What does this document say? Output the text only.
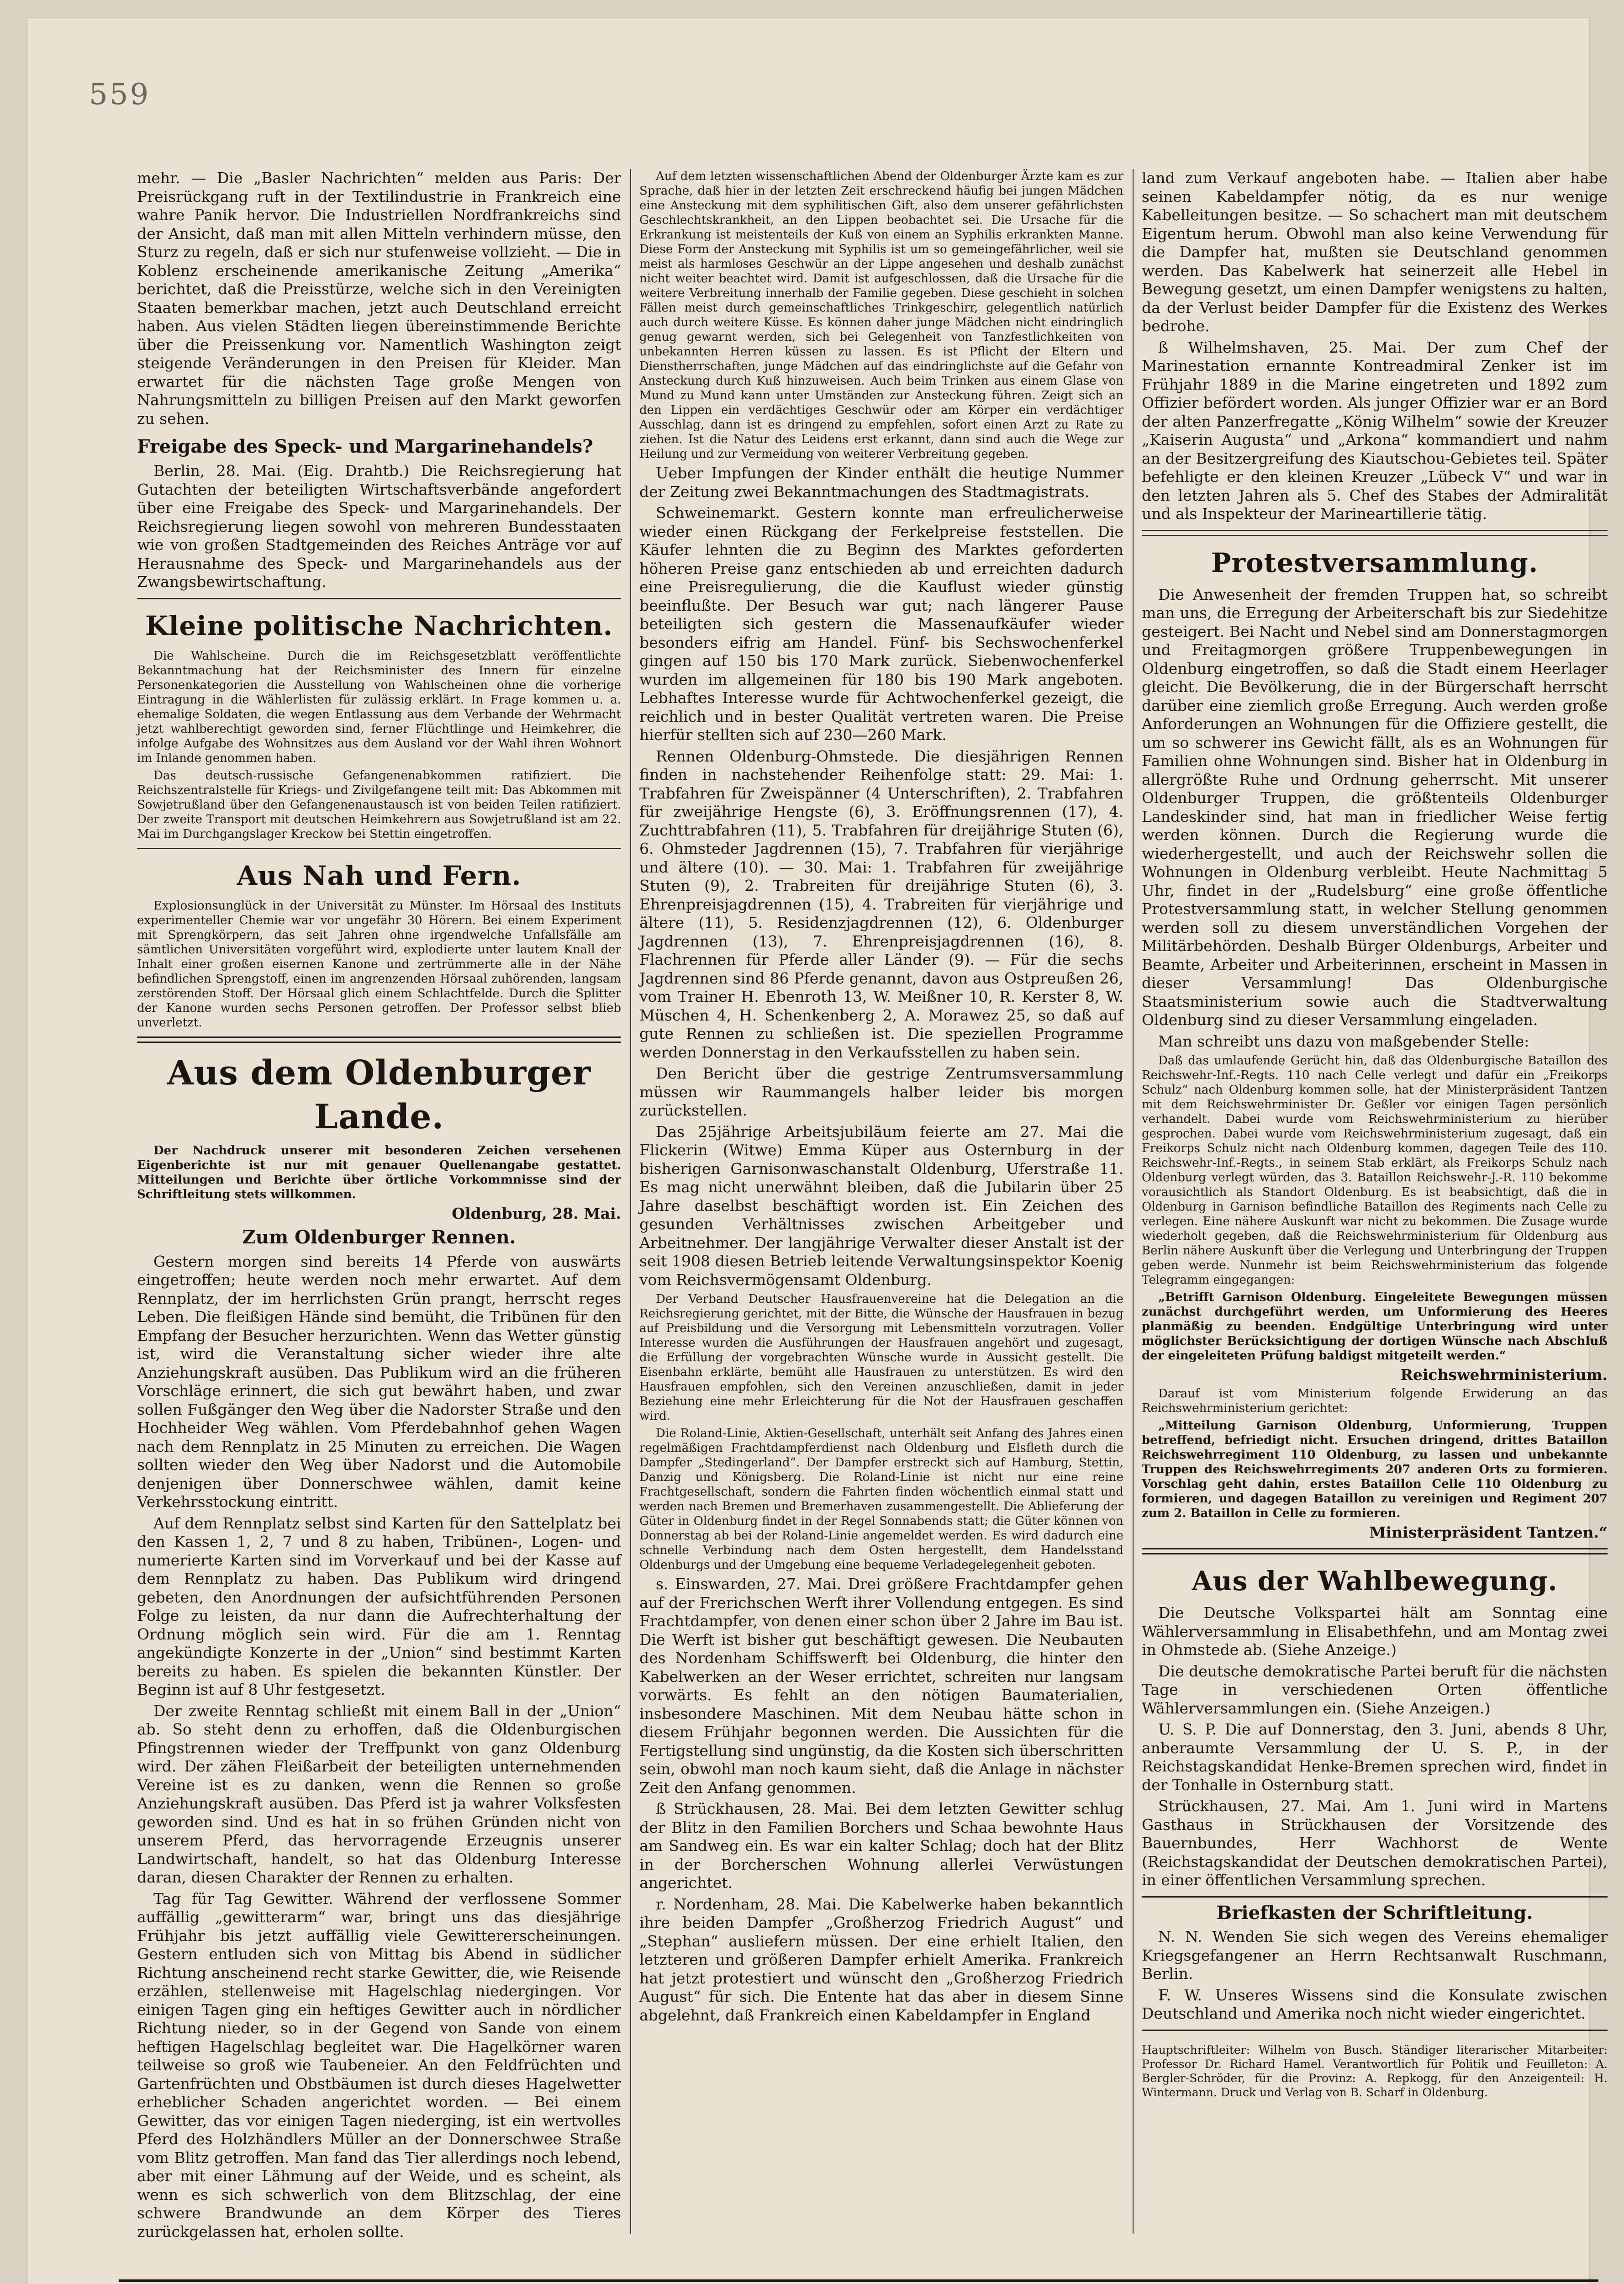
559

mehr. — Die „Basler Nachrichten“ melden aus Paris: Der Preisrückgang ruft in der Textilindustrie in Frankreich eine wahre Panik hervor. Die Industriellen Nordfrankreichs sind der Ansicht, daß man mit allen Mitteln verhindern müsse, den Sturz zu regeln, daß er sich nur stufenweise vollzieht. — Die in Koblenz erscheinende amerikanische Zeitung „Amerika“ berichtet, daß die Preisstürze, welche sich in den Vereinigten Staaten bemerkbar machen, jetzt auch Deutschland erreicht haben. Aus vielen Städten liegen übereinstimmende Berichte über die Preissenkung vor. Namentlich Washington zeigt steigende Veränderungen in den Preisen für Kleider. Man erwartet für die nächsten Tage große Mengen von Nahrungsmitteln zu billigen Preisen auf den Markt geworfen zu sehen.

Freigabe des Speck- und Margarinehandels?

Berlin, 28. Mai. (Eig. Drahtb.) Die Reichsregierung hat Gutachten der beteiligten Wirtschaftsverbände angefordert über eine Freigabe des Speck- und Margarinehandels. Der Reichsregierung liegen sowohl von mehreren Bundesstaaten wie von großen Stadtgemeinden des Reiches Anträge vor auf Herausnahme des Speck- und Margarinehandels aus der Zwangsbewirtschaftung.

Kleine politische Nachrichten.

Die Wahlscheine. Durch die im Reichsgesetzblatt veröffentlichte Bekanntmachung hat der Reichsminister des Innern für einzelne Personenkategorien die Ausstellung von Wahlscheinen ohne die vorherige Eintragung in die Wählerlisten für zulässig erklärt. In Frage kommen u. a. ehemalige Soldaten, die wegen Entlassung aus dem Verbande der Wehrmacht jetzt wahlberechtigt geworden sind, ferner Flüchtlinge und Heimkehrer, die infolge Aufgabe des Wohnsitzes aus dem Ausland vor der Wahl ihren Wohnort im Inlande genommen haben.

Das deutsch-russische Gefangenenabkommen ratifiziert. Die Reichszentralstelle für Kriegs- und Zivilgefangene teilt mit: Das Abkommen mit Sowjetrußland über den Gefangenenaustausch ist von beiden Teilen ratifiziert. Der zweite Transport mit deutschen Heimkehrern aus Sowjetrußland ist am 22. Mai im Durchgangslager Kreckow bei Stettin eingetroffen.

Aus Nah und Fern.

Explosionsunglück in der Universität zu Münster. Im Hörsaal des Instituts experimenteller Chemie war vor ungefähr 30 Hörern. Bei einem Experiment mit Sprengkörpern, das seit Jahren ohne irgendwelche Unfallsfälle am sämtlichen Universitäten vorgeführt wird, explodierte unter lautem Knall der Inhalt einer großen eisernen Kanone und zertrümmerte alle in der Nähe befindlichen Sprengstoff, einen im angrenzenden Hörsaal zuhörenden, langsam zerstörenden Stoff. Der Hörsaal glich einem Schlachtfelde. Durch die Splitter der Kanone wurden sechs Personen getroffen. Der Professor selbst blieb unverletzt.

Aus dem Oldenburger Lande.

Der Nachdruck unserer mit besonderen Zeichen versehenen Eigenberichte ist nur mit genauer Quellenangabe gestattet. Mitteilungen und Berichte über örtliche Vorkommnisse sind der Schriftleitung stets willkommen.

Oldenburg, 28. Mai.
Zum Oldenburger Rennen.

Gestern morgen sind bereits 14 Pferde von auswärts eingetroffen; heute werden noch mehr erwartet. Auf dem Rennplatz, der im herrlichsten Grün prangt, herrscht reges Leben. Die fleißigen Hände sind bemüht, die Tribünen für den Empfang der Besucher herzurichten. Wenn das Wetter günstig ist, wird die Veranstaltung sicher wieder ihre alte Anziehungskraft ausüben. Das Publikum wird an die früheren Vorschläge erinnert, die sich gut bewährt haben, und zwar sollen Fußgänger den Weg über die Nadorster Straße und den Hochheider Weg wählen. Vom Pferdebahnhof gehen Wagen nach dem Rennplatz in 25 Minuten zu erreichen. Die Wagen sollten wieder den Weg über Nadorst und die Automobile denjenigen über Donnerschwee wählen, damit keine Verkehrsstockung eintritt.

Auf dem Rennplatz selbst sind Karten für den Sattelplatz bei den Kassen 1, 2, 7 und 8 zu haben, Tribünen-, Logen- und numerierte Karten sind im Vorverkauf und bei der Kasse auf dem Rennplatz zu haben. Das Publikum wird dringend gebeten, den Anordnungen der aufsichtführenden Personen Folge zu leisten, da nur dann die Aufrechterhaltung der Ordnung möglich sein wird. Für die am 1. Renntag angekündigte Konzerte in der „Union“ sind bestimmt Karten bereits zu haben. Es spielen die bekannten Künstler. Der Beginn ist auf 8 Uhr festgesetzt.

Der zweite Renntag schließt mit einem Ball in der „Union“ ab. So steht denn zu erhoffen, daß die Oldenburgischen Pfingstrennen wieder der Treffpunkt von ganz Oldenburg wird. Der zähen Fleißarbeit der beteiligten unternehmenden Vereine ist es zu danken, wenn die Rennen so große Anziehungskraft ausüben. Das Pferd ist ja wahrer Volksfesten geworden sind. Und es hat in so frühen Gründen nicht von unserem Pferd, das hervorragende Erzeugnis unserer Landwirtschaft, handelt, so hat das Oldenburg Interesse daran, diesen Charakter der Rennen zu erhalten.

Tag für Tag Gewitter. Während der verflossene Sommer auffällig „gewitterarm“ war, bringt uns das diesjährige Frühjahr bis jetzt auffällig viele Gewittererscheinungen. Gestern entluden sich von Mittag bis Abend in südlicher Richtung anscheinend recht starke Gewitter, die, wie Reisende erzählen, stellenweise mit Hagelschlag niedergingen. Vor einigen Tagen ging ein heftiges Gewitter auch in nördlicher Richtung nieder, so in der Gegend von Sande von einem heftigen Hagelschlag begleitet war. Die Hagelkörner waren teilweise so groß wie Taubeneier. An den Feldfrüchten und Gartenfrüchten und Obstbäumen ist durch dieses Hagelwetter erheblicher Schaden angerichtet worden. — Bei einem Gewitter, das vor einigen Tagen niederging, ist ein wertvolles Pferd des Holzhändlers Müller an der Donnerschwee Straße vom Blitz getroffen. Man fand das Tier allerdings noch lebend, aber mit einer Lähmung auf der Weide, und es scheint, als wenn es sich schwerlich von dem Blitzschlag, der eine schwere Brandwunde an dem Körper des Tieres zurückgelassen hat, erholen sollte.

Auf dem letzten wissenschaftlichen Abend der Oldenburger Ärzte kam es zur Sprache, daß hier in der letzten Zeit erschreckend häufig bei jungen Mädchen eine Ansteckung mit dem syphilitischen Gift, also dem unserer gefährlichsten Geschlechtskrankheit, an den Lippen beobachtet sei. Die Ursache für die Erkrankung ist meistenteils der Kuß von einem an Syphilis erkrankten Manne. Diese Form der Ansteckung mit Syphilis ist um so gemeingefährlicher, weil sie meist als harmloses Geschwür an der Lippe angesehen und deshalb zunächst nicht weiter beachtet wird. Damit ist aufgeschlossen, daß die Ursache für die weitere Verbreitung innerhalb der Familie gegeben. Diese geschieht in solchen Fällen meist durch gemeinschaftliches Trinkgeschirr, gelegentlich natürlich auch durch weitere Küsse. Es können daher junge Mädchen nicht eindringlich genug gewarnt werden, sich bei Gelegenheit von Tanzfestlichkeiten von unbekannten Herren küssen zu lassen. Es ist Pflicht der Eltern und Dienstherrschaften, junge Mädchen auf das eindringlichste auf die Gefahr von Ansteckung durch Kuß hinzuweisen. Auch beim Trinken aus einem Glase von Mund zu Mund kann unter Umständen zur Ansteckung führen. Zeigt sich an den Lippen ein verdächtiges Geschwür oder am Körper ein verdächtiger Ausschlag, dann ist es dringend zu empfehlen, sofort einen Arzt zu Rate zu ziehen. Ist die Natur des Leidens erst erkannt, dann sind auch die Wege zur Heilung und zur Vermeidung von weiterer Verbreitung gegeben.

Ueber Impfungen der Kinder enthält die heutige Nummer der Zeitung zwei Bekanntmachungen des Stadtmagistrats.

Schweinemarkt. Gestern konnte man erfreulicherweise wieder einen Rückgang der Ferkelpreise feststellen. Die Käufer lehnten die zu Beginn des Marktes geforderten höheren Preise ganz entschieden ab und erreichten dadurch eine Preisregulierung, die die Kauflust wieder günstig beeinflußte. Der Besuch war gut; nach längerer Pause beteiligten sich gestern die Massenaufkäufer wieder besonders eifrig am Handel. Fünf- bis Sechswochenferkel gingen auf 150 bis 170 Mark zurück. Siebenwochenferkel wurden im allgemeinen für 180 bis 190 Mark angeboten. Lebhaftes Interesse wurde für Achtwochenferkel gezeigt, die reichlich und in bester Qualität vertreten waren. Die Preise hierfür stellten sich auf 230—260 Mark.

Rennen Oldenburg-Ohmstede. Die diesjährigen Rennen finden in nachstehender Reihenfolge statt: 29. Mai: 1. Trabfahren für Zweispänner (4 Unterschriften), 2. Trabfahren für zweijährige Hengste (6), 3. Eröffnungsrennen (17), 4. Zuchttrabfahren (11), 5. Trabfahren für dreijährige Stuten (6), 6. Ohmsteder Jagdrennen (15), 7. Trabfahren für vierjährige und ältere (10). — 30. Mai: 1. Trabfahren für zweijährige Stuten (9), 2. Trabreiten für dreijährige Stuten (6), 3. Ehrenpreisjagdrennen (15), 4. Trabreiten für vierjährige und ältere (11), 5. Residenzjagdrennen (12), 6. Oldenburger Jagdrennen (13), 7. Ehrenpreisjagdrennen (16), 8. Flachrennen für Pferde aller Länder (9). — Für die sechs Jagdrennen sind 86 Pferde genannt, davon aus Ostpreußen 26, vom Trainer H. Ebenroth 13, W. Meißner 10, R. Kerster 8, W. Müschen 4, H. Schenkenberg 2, A. Morawez 25, so daß auf gute Rennen zu schließen ist. Die speziellen Programme werden Donnerstag in den Verkaufsstellen zu haben sein.

Den Bericht über die gestrige Zentrumsversammlung müssen wir Raummangels halber leider bis morgen zurückstellen.

Das 25jährige Arbeitsjubiläum feierte am 27. Mai die Flickerin (Witwe) Emma Küper aus Osternburg in der bisherigen Garnisonwaschanstalt Oldenburg, Uferstraße 11. Es mag nicht unerwähnt bleiben, daß die Jubilarin über 25 Jahre daselbst beschäftigt worden ist. Ein Zeichen des gesunden Verhältnisses zwischen Arbeitgeber und Arbeitnehmer. Der langjährige Verwalter dieser Anstalt ist der seit 1908 diesen Betrieb leitende Verwaltungsinspektor Koenig vom Reichsvermögensamt Oldenburg.

Der Verband Deutscher Hausfrauenvereine hat die Delegation an die Reichsregierung gerichtet, mit der Bitte, die Wünsche der Hausfrauen in bezug auf Preisbildung und die Versorgung mit Lebensmitteln vorzutragen. Voller Interesse wurden die Ausführungen der Hausfrauen angehört und zugesagt, die Erfüllung der vorgebrachten Wünsche wurde in Aussicht gestellt. Die Eisenbahn erklärte, bemüht alle Hausfrauen zu unterstützen. Es wird den Hausfrauen empfohlen, sich den Vereinen anzuschließen, damit in jeder Beziehung eine mehr Erleichterung für die Not der Hausfrauen geschaffen wird.

Die Roland-Linie, Aktien-Gesellschaft, unterhält seit Anfang des Jahres einen regelmäßigen Frachtdampferdienst nach Oldenburg und Elsfleth durch die Dampfer „Stedingerland“. Der Dampfer erstreckt sich auf Hamburg, Stettin, Danzig und Königsberg. Die Roland-Linie ist nicht nur eine reine Frachtgesellschaft, sondern die Fahrten finden wöchentlich einmal statt und werden nach Bremen und Bremerhaven zusammengestellt. Die Ablieferung der Güter in Oldenburg findet in der Regel Sonnabends statt; die Güter können von Donnerstag ab bei der Roland-Linie angemeldet werden. Es wird dadurch eine schnelle Verbindung nach dem Osten hergestellt, dem Handelsstand Oldenburgs und der Umgebung eine bequeme Verladegelegenheit geboten.

s. Einswarden, 27. Mai. Drei größere Frachtdampfer gehen auf der Frerichschen Werft ihrer Vollendung entgegen. Es sind Frachtdampfer, von denen einer schon über 2 Jahre im Bau ist. Die Werft ist bisher gut beschäftigt gewesen. Die Neubauten des Nordenham Schiffswerft bei Oldenburg, die hinter den Kabelwerken an der Weser errichtet, schreiten nur langsam vorwärts. Es fehlt an den nötigen Baumaterialien, insbesondere Maschinen. Mit dem Neubau hätte schon in diesem Frühjahr begonnen werden. Die Aussichten für die Fertigstellung sind ungünstig, da die Kosten sich überschritten sein, obwohl man noch kaum sieht, daß die Anlage in nächster Zeit den Anfang genommen.

ß Strückhausen, 28. Mai. Bei dem letzten Gewitter schlug der Blitz in den Familien Borchers und Schaa bewohnte Haus am Sandweg ein. Es war ein kalter Schlag; doch hat der Blitz in der Borcherschen Wohnung allerlei Verwüstungen angerichtet.

r. Nordenham, 28. Mai. Die Kabelwerke haben bekanntlich ihre beiden Dampfer „Großherzog Friedrich August“ und „Stephan“ ausliefern müssen. Der eine erhielt Italien, den letzteren und größeren Dampfer erhielt Amerika. Frankreich hat jetzt protestiert und wünscht den „Großherzog Friedrich August“ für sich. Die Entente hat das aber in diesem Sinne abgelehnt, daß Frankreich einen Kabeldampfer in England

land zum Verkauf angeboten habe. — Italien aber habe seinen Kabeldampfer nötig, da es nur wenige Kabelleitungen besitze. — So schachert man mit deutschem Eigentum herum. Obwohl man also keine Verwendung für die Dampfer hat, mußten sie Deutschland genommen werden. Das Kabelwerk hat seinerzeit alle Hebel in Bewegung gesetzt, um einen Dampfer wenigstens zu halten, da der Verlust beider Dampfer für die Existenz des Werkes bedrohe.

ß Wilhelmshaven, 25. Mai. Der zum Chef der Marinestation ernannte Kontreadmiral Zenker ist im Frühjahr 1889 in die Marine eingetreten und 1892 zum Offizier befördert worden. Als junger Offizier war er an Bord der alten Panzerfregatte „König Wilhelm“ sowie der Kreuzer „Kaiserin Augusta“ und „Arkona“ kommandiert und nahm an der Besitzergreifung des Kiautschou-Gebietes teil. Später befehligte er den kleinen Kreuzer „Lübeck V“ und war in den letzten Jahren als 5. Chef des Stabes der Admiralität und als Inspekteur der Marineartillerie tätig.

Protestversammlung.

Die Anwesenheit der fremden Truppen hat, so schreibt man uns, die Erregung der Arbeiterschaft bis zur Siedehitze gesteigert. Bei Nacht und Nebel sind am Donnerstagmorgen und Freitagmorgen größere Truppenbewegungen in Oldenburg eingetroffen, so daß die Stadt einem Heerlager gleicht. Die Bevölkerung, die in der Bürgerschaft herrscht darüber eine ziemlich große Erregung. Auch werden große Anforderungen an Wohnungen für die Offiziere gestellt, die um so schwerer ins Gewicht fällt, als es an Wohnungen für Familien ohne Wohnungen sind. Bisher hat in Oldenburg in allergrößte Ruhe und Ordnung geherrscht. Mit unserer Oldenburger Truppen, die größtenteils Oldenburger Landeskinder sind, hat man in friedlicher Weise fertig werden können. Durch die Regierung wurde die wiederhergestellt, und auch der Reichswehr sollen die Wohnungen in Oldenburg verbleibt. Heute Nachmittag 5 Uhr, findet in der „Rudelsburg“ eine große öffentliche Protestversammlung statt, in welcher Stellung genommen werden soll zu diesem unverständlichen Vorgehen der Militärbehörden. Deshalb Bürger Oldenburgs, Arbeiter und Beamte, Arbeiter und Arbeiterinnen, erscheint in Massen in dieser Versammlung! Das Oldenburgische Staatsministerium sowie auch die Stadtverwaltung Oldenburg sind zu dieser Versammlung eingeladen.

Man schreibt uns dazu von maßgebender Stelle:

Daß das umlaufende Gerücht hin, daß das Oldenburgische Bataillon des Reichswehr-Inf.-Regts. 110 nach Celle verlegt und dafür ein „Freikorps Schulz“ nach Oldenburg kommen solle, hat der Ministerpräsident Tantzen mit dem Reichswehrminister Dr. Geßler vor einigen Tagen persönlich verhandelt. Dabei wurde vom Reichswehrministerium zu hierüber gesprochen. Dabei wurde vom Reichswehrministerium zugesagt, daß ein Freikorps Schulz nicht nach Oldenburg kommen, dagegen Teile des 110. Reichswehr-Inf.-Regts., in seinem Stab erklärt, als Freikorps Schulz nach Oldenburg verlegt würden, das 3. Bataillon Reichswehr-J.-R. 110 bekomme vorausichtlich als Standort Oldenburg. Es ist beabsichtigt, daß die in Oldenburg in Garnison befindliche Bataillon des Regiments nach Celle zu verlegen. Eine nähere Auskunft war nicht zu bekommen. Die Zusage wurde wiederholt gegeben, daß die Reichswehrministerium für Oldenburg aus Berlin nähere Auskunft über die Verlegung und Unterbringung der Truppen geben werde. Nunmehr ist beim Reichswehrministerium das folgende Telegramm eingegangen:

„Betrifft Garnison Oldenburg. Eingeleitete Bewegungen müssen zunächst durchgeführt werden, um Unformierung des Heeres planmäßig zu beenden. Endgültige Unterbringung wird unter möglichster Berücksichtigung der dortigen Wünsche nach Abschluß der eingeleiteten Prüfung baldigst mitgeteilt werden.“

Reichswehrministerium.

Darauf ist vom Ministerium folgende Erwiderung an das Reichswehrministerium gerichtet:

„Mitteilung Garnison Oldenburg, Unformierung, Truppen betreffend, befriedigt nicht. Ersuchen dringend, drittes Bataillon Reichswehrregiment 110 Oldenburg, zu lassen und unbekannte Truppen des Reichswehrregiments 207 anderen Orts zu formieren. Vorschlag geht dahin, erstes Bataillon Celle 110 Oldenburg zu formieren, und dagegen Bataillon zu vereinigen und Regiment 207 zum 2. Bataillon in Celle zu formieren.

Ministerpräsident Tantzen.“
Aus der Wahlbewegung.

Die Deutsche Volkspartei hält am Sonntag eine Wählerversammlung in Elisabethfehn, und am Montag zwei in Ohmstede ab. (Siehe Anzeige.)

Die deutsche demokratische Partei beruft für die nächsten Tage in verschiedenen Orten öffentliche Wählerversammlungen ein. (Siehe Anzeigen.)

U. S. P. Die auf Donnerstag, den 3. Juni, abends 8 Uhr, anberaumte Versammlung der U. S. P., in der Reichstagskandidat Henke-Bremen sprechen wird, findet in der Tonhalle in Osternburg statt.

Strückhausen, 27. Mai. Am 1. Juni wird in Martens Gasthaus in Strückhausen der Vorsitzende des Bauernbundes, Herr Wachhorst de Wente (Reichstagskandidat der Deutschen demokratischen Partei), in einer öffentlichen Versammlung sprechen.

Briefkasten der Schriftleitung.

N. N. Wenden Sie sich wegen des Vereins ehemaliger Kriegsgefangener an Herrn Rechtsanwalt Ruschmann, Berlin.

F. W. Unseres Wissens sind die Konsulate zwischen Deutschland und Amerika noch nicht wieder eingerichtet.

Hauptschriftleiter: Wilhelm von Busch. Ständiger literarischer Mitarbeiter: Professor Dr. Richard Hamel. Verantwortlich für Politik und Feuilleton: A. Bergler-Schröder, für die Provinz: A. Repkogg, für den Anzeigenteil: H. Wintermann. Druck und Verlag von B. Scharf in Oldenburg.
